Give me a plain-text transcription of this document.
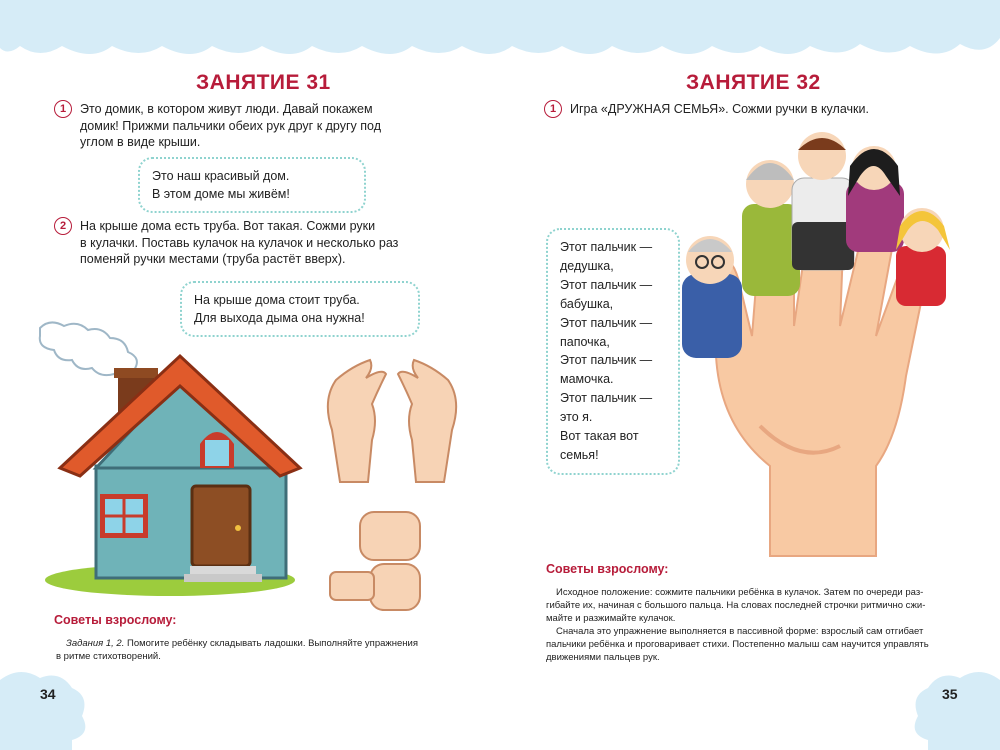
ЗАНЯТИЕ 31
1	Это домик, в котором живут люди. Давай покажем
домик! Прижми пальчики обеих рук друг к другу под
углом в виде крыши.
Это наш красивый дом.
В этом доме мы живём!
2	На крыше дома есть труба. Вот такая. Сожми руки
в кулачки. Поставь кулачок на кулачок и несколько раз
поменяй ручки местами (труба растёт вверх).
На крыше дома стоит труба.
Для выхода дыма она нужна!
Советы взрослому:
Задания 1, 2. Помогите ребёнку складывать ладошки. Выполняйте упражнения
в ритме стихотворений.
34
ЗАНЯТИЕ 32
1	Игра «ДРУЖНАЯ СЕМЬЯ». Сожми ручки в кулачки.
Этот пальчик —
дедушка,
Этот пальчик —
бабушка,
Этот пальчик —
папочка,
Этот пальчик —
мамочка.
Этот пальчик —
это я.
Вот такая вот
семья!
Советы взрослому:
Исходное положение: сожмите пальчики ребёнка в кулачок. Затем по очереди раз-
гибайте их, начиная с большого пальца. На словах последней строчки ритмично сжи-
майте и разжимайте кулачок.
Сначала это упражнение выполняется в пассивной форме: взрослый сам отгибает
пальчики ребёнка и проговаривает стихи. Постепенно малыш сам научится управлять
движениями пальцев рук.
35
